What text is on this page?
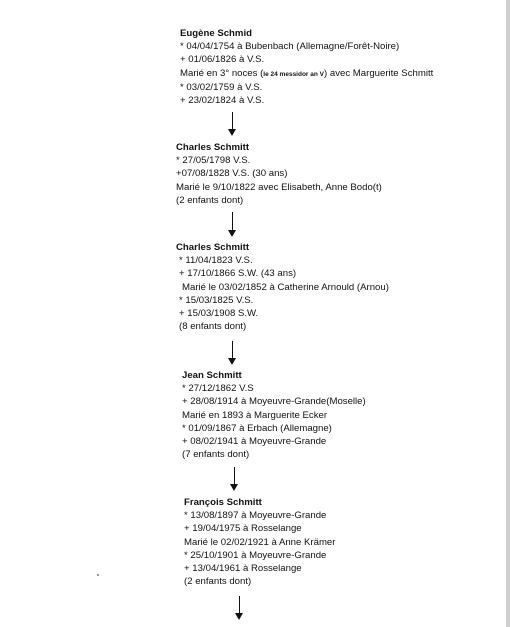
Eugène Schmid
* 04/04/1754 à Bubenbach (Allemagne/Forêt-Noire)
+ 01/06/1826 à V.S.
Marié en 3° noces (le 24 messidor an V) avec Marguerite Schmitt
* 03/02/1759 à V.S.
+ 23/02/1824 à V.S.
Charles Schmitt
* 27/05/1798 V.S.
+07/08/1828 V.S. (30 ans)
Marié le 9/10/1822 avec Elisabeth, Anne Bodo(t)
(2 enfants dont)
Charles Schmitt
* 11/04/1823 V.S.
+ 17/10/1866 S.W. (43 ans)
Marié le 03/02/1852 à Catherine Arnould (Arnou)
* 15/03/1825 V.S.
+ 15/03/1908 S.W.
(8 enfants dont)
Jean Schmitt
* 27/12/1862 V.S
+ 28/08/1914 à Moyeuvre-Grande(Moselle)
Marié en 1893 à Marguerite Ecker
* 01/09/1867 à Erbach (Allemagne)
+ 08/02/1941 à Moyeuvre-Grande
(7 enfants dont)
François Schmitt
* 13/08/1897 à Moyeuvre-Grande
+ 19/04/1975 à Rosselange
Marié le 02/02/1921 à Anne Krämer
* 25/10/1901 à Moyeuvre-Grande
+ 13/04/1961 à Rosselange
(2 enfants dont)
